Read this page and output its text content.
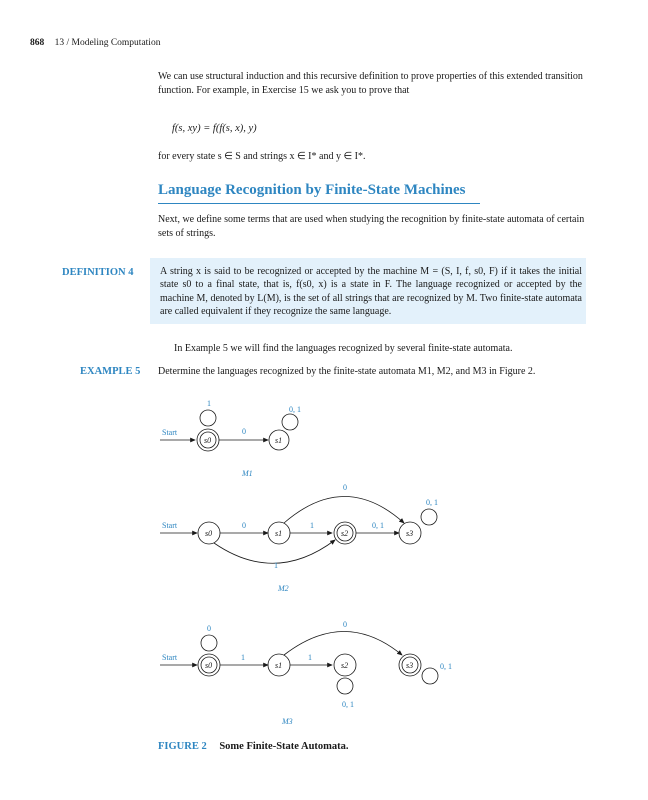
868 13 / Modeling Computation
We can use structural induction and this recursive definition to prove properties of this extended transition function. For example, in Exercise 15 we ask you to prove that
f(s, xy) = f(f(s, x), y)
for every state s ∈ S and strings x ∈ I* and y ∈ I*.
Language Recognition by Finite-State Machines
Next, we define some terms that are used when studying the recognition by finite-state automata of certain sets of strings.
DEFINITION 4	A string x is said to be recognized or accepted by the machine M = (S, I, f, s0, F) if it takes the initial state s0 to a final state, that is, f(s0, x) is a state in F. The language recognized or accepted by the machine M, denoted by L(M), is the set of all strings that are recognized by M. Two finite-state automata are called equivalent if they recognize the same language.
In Example 5 we will find the languages recognized by several finite-state automata.
EXAMPLE 5 Determine the languages recognized by the finite-state automata M1, M2, and M3 in Figure 2.
Start
s0
1
0
s1
0, 1
M1
Start
s0
0
s1
1
1
s2
0, 1
0
s3
0, 1
M2
Start
s0
0
1
s1
1
s2
0, 1
0
s3	0, 1
M3
FIGURE 2 Some Finite-State Automata.
